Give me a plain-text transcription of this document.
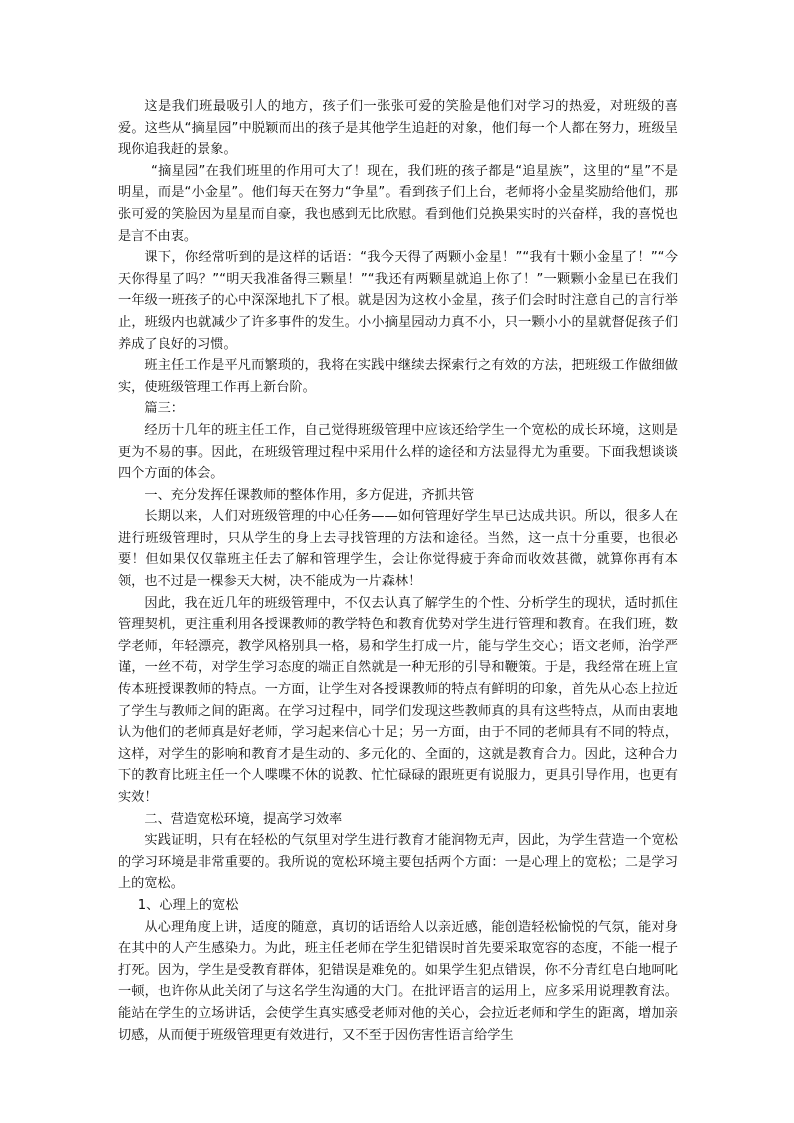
这是我们班最吸引人的地方，孩子们一张张可爱的笑脸是他们对学习的热爱，对班级的喜爱。这些从“摘星园”中脱颖而出的孩子是其他学生追赶的对象，他们每一个人都在努力，班级呈现你追我赶的景象。

“摘星园”在我们班里的作用可大了！现在，我们班的孩子都是“追星族”，这里的“星”不是明星，而是“小金星”。他们每天在努力“争星”。看到孩子们上台，老师将小金星奖励给他们，那张可爱的笑脸因为星星而自豪，我也感到无比欣慰。看到他们兑换果实时的兴奋样，我的喜悦也是言不由衷。

课下，你经常听到的是这样的话语：“我今天得了两颗小金星！”“我有十颗小金星了！”“今天你得星了吗？”“明天我准备得三颗星！”“我还有两颗星就追上你了！”一颗颗小金星已在我们一年级一班孩子的心中深深地扎下了根。就是因为这枚小金星，孩子们会时时注意自己的言行举止，班级内也就减少了许多事件的发生。小小摘星园动力真不小，只一颗小小的星就督促孩子们养成了良好的习惯。

班主任工作是平凡而繁琐的，我将在实践中继续去探索行之有效的方法，把班级工作做细做实，使班级管理工作再上新台阶。

篇三：

经历十几年的班主任工作，自己觉得班级管理中应该还给学生一个宽松的成长环境，这则是更为不易的事。因此，在班级管理过程中采用什么样的途径和方法显得尤为重要。下面我想谈谈四个方面的体会。

一、充分发挥任课教师的整体作用，多方促进，齐抓共管

长期以来，人们对班级管理的中心任务——如何管理好学生早已达成共识。所以，很多人在进行班级管理时，只从学生的身上去寻找管理的方法和途径。当然，这一点十分重要，也很必要！但如果仅仅靠班主任去了解和管理学生，会让你觉得疲于奔命而收效甚微，就算你再有本领，也不过是一棵参天大树，决不能成为一片森林！

因此，我在近几年的班级管理中，不仅去认真了解学生的个性、分析学生的现状，适时抓住管理契机，更注重利用各授课教师的教学特色和教育优势对学生进行管理和教育。在我们班，数学老师，年轻漂亮，教学风格别具一格，易和学生打成一片，能与学生交心；语文老师，治学严谨，一丝不苟，对学生学习态度的端正自然就是一种无形的引导和鞭策。于是，我经常在班上宣传本班授课教师的特点。一方面，让学生对各授课教师的特点有鲜明的印象，首先从心态上拉近了学生与教师之间的距离。在学习过程中，同学们发现这些教师真的具有这些特点，从而由衷地认为他们的老师真是好老师，学习起来信心十足；另一方面，由于不同的老师具有不同的特点，这样，对学生的影响和教育才是生动的、多元化的、全面的，这就是教育合力。因此，这种合力下的教育比班主任一个人喋喋不休的说教、忙忙碌碌的跟班更有说服力，更具引导作用，也更有实效！

二、营造宽松环境，提高学习效率

实践证明，只有在轻松的气氛里对学生进行教育才能润物无声，因此，为学生营造一个宽松的学习环境是非常重要的。我所说的宽松环境主要包括两个方面：一是心理上的宽松；二是学习上的宽松。

1、心理上的宽松

从心理角度上讲，适度的随意，真切的话语给人以亲近感，能创造轻松愉悦的气氛，能对身在其中的人产生感染力。为此，班主任老师在学生犯错误时首先要采取宽容的态度，不能一棍子打死。因为，学生是受教育群体，犯错误是难免的。如果学生犯点错误，你不分青红皂白地呵叱一顿，也许你从此关闭了与这名学生沟通的大门。在批评语言的运用上，应多采用说理教育法。能站在学生的立场讲话，会使学生真实感受老师对他的关心，会拉近老师和学生的距离，增加亲切感，从而便于班级管理更有效进行，又不至于因伤害性语言给学生
